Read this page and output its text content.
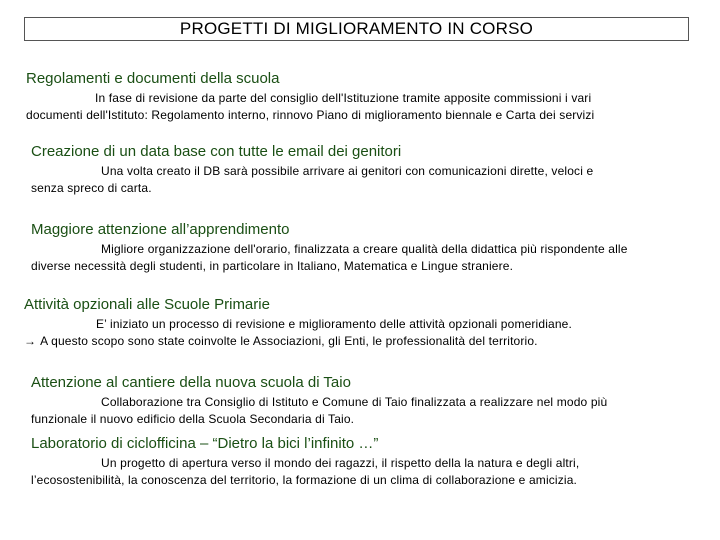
PROGETTI DI MIGLIORAMENTO IN CORSO

Regolamenti e documenti della scuola

In fase di revisione da parte del consiglio dell'Istituzione tramite apposite commissioni i vari
documenti dell'Istituto: Regolamento interno, rinnovo Piano di miglioramento biennale e Carta dei servizi

Creazione di un data base con tutte le email dei genitori

Una volta creato il DB sarà possibile arrivare ai genitori con comunicazioni dirette, veloci e
senza spreco di carta.

Maggiore attenzione all’apprendimento

Migliore organizzazione dell'orario, finalizzata a creare qualità della didattica più rispondente alle
diverse necessità degli studenti, in particolare in Italiano, Matematica e Lingue straniere.

Attività opzionali alle Scuole Primarie

E’ iniziato un processo di revisione e miglioramento delle attività opzionali pomeridiane.
→ A questo scopo sono state coinvolte le Associazioni, gli Enti, le professionalità del territorio.

Attenzione al cantiere della nuova scuola di Taio

Collaborazione tra Consiglio di Istituto e Comune di Taio finalizzata a realizzare nel modo più
funzionale il nuovo edificio della Scuola Secondaria di Taio.

Laboratorio di ciclofficina – “Dietro la bici l’infinito …”

Un progetto di apertura verso il mondo dei ragazzi, il rispetto della la natura e degli altri,
l’ecosostenibilità, la conoscenza del territorio, la formazione di un clima di collaborazione e amicizia.
